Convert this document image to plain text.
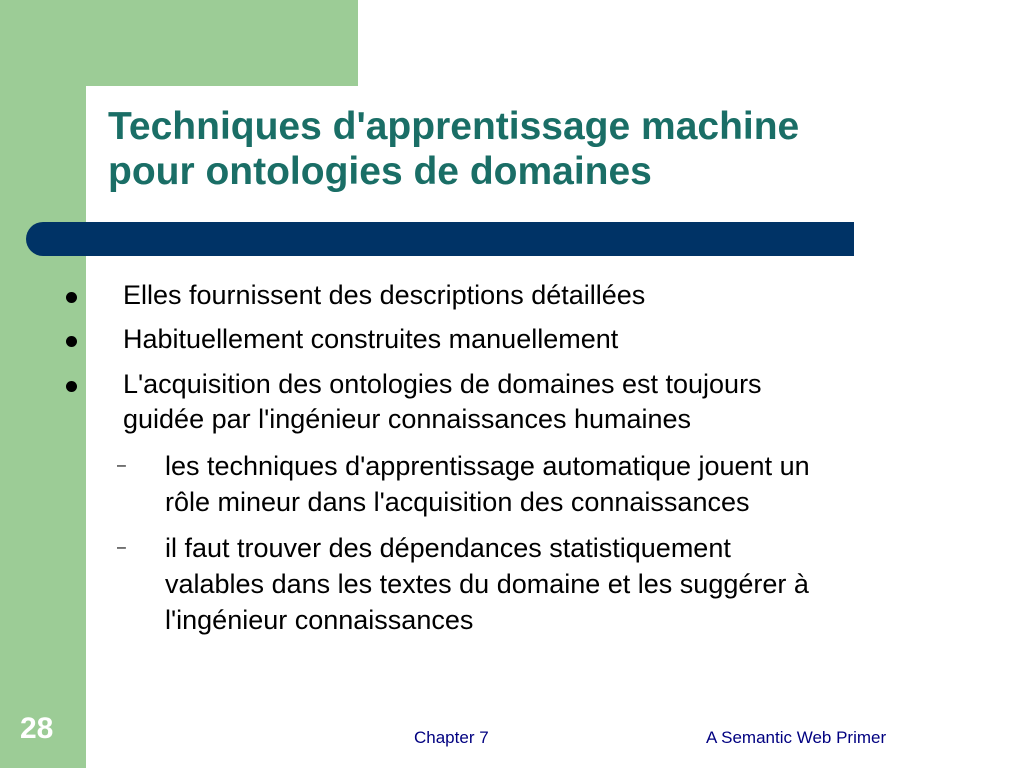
Techniques d'apprentissage machine
pour ontologies de domaines
Elles fournissent des descriptions détaillées
Habituellement construites manuellement
L'acquisition des ontologies de domaines est toujours
guidée par l'ingénieur connaissances humaines
– les techniques d'apprentissage automatique jouent un
rôle mineur dans l'acquisition des connaissances
– il faut trouver des dépendances statistiquement
valables dans les textes du domaine et les suggérer à
l'ingénieur connaissances
28	Chapter 7	A Semantic Web Primer
